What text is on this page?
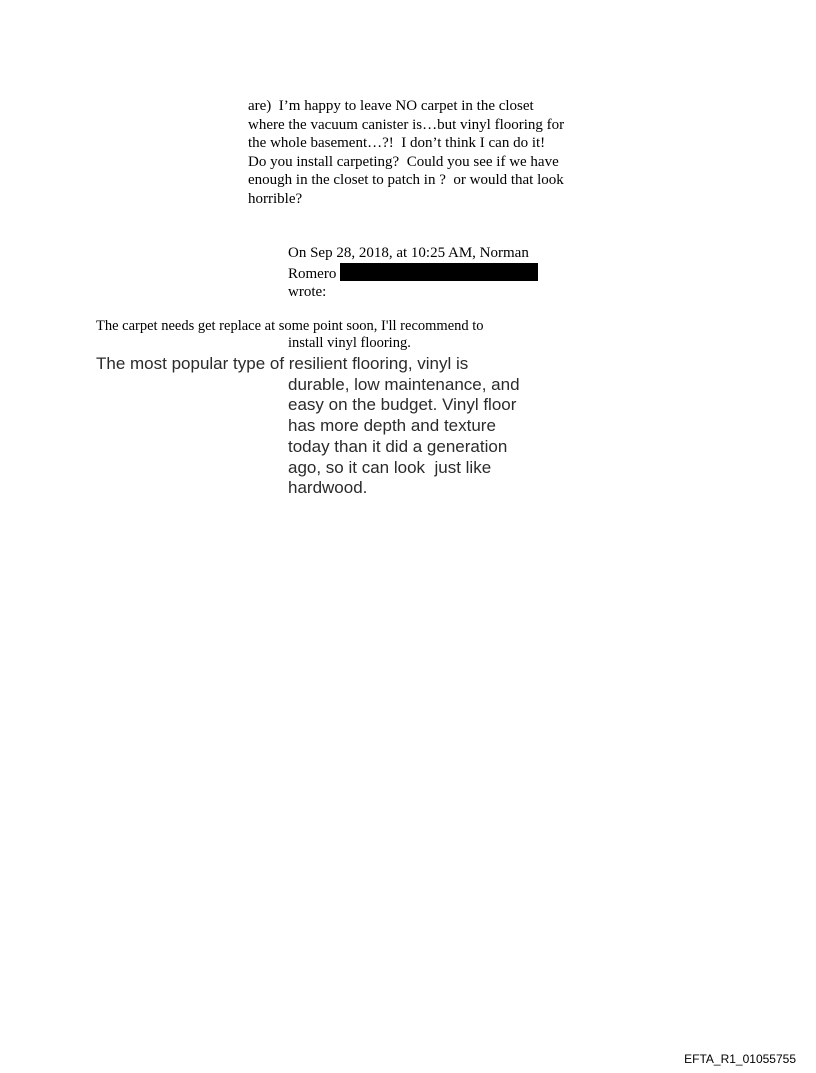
are)  I’m happy to leave NO carpet in the closet
where the vacuum canister is…but vinyl flooring for
the whole basement…?!  I don’t think I can do it!
Do you install carpeting?  Could you see if we have
enough in the closet to patch in ?  or would that look
horrible?
On Sep 28, 2018, at 10:25 AM, Norman
Romero
wrote:
The carpet needs get replace at some point soon, I'll recommend to
install vinyl flooring.
The most popular type of resilient flooring, vinyl is
durable, low maintenance, and
easy on the budget. Vinyl floor
has more depth and texture
today than it did a generation
ago, so it can look  just like
hardwood.
EFTA_R1_01055755
